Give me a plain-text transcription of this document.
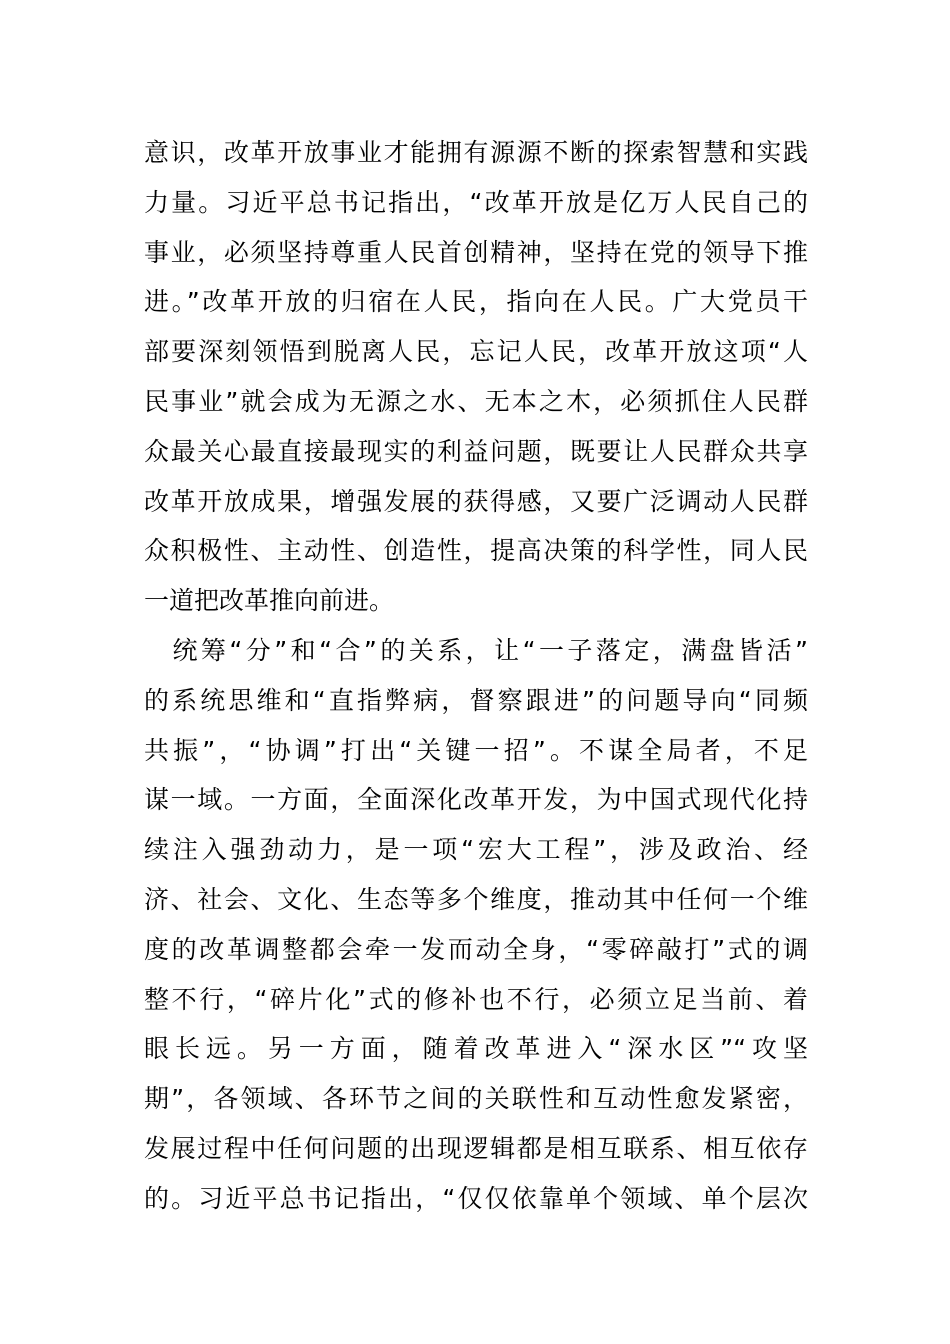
意识，改革开放事业才能拥有源源不断的探索智慧和实践
力量。习近平总书记指出，“改革开放是亿万人民自己的
事业，必须坚持尊重人民首创精神，坚持在党的领导下推
进。”改革开放的归宿在人民，指向在人民。广大党员干
部要深刻领悟到脱离人民，忘记人民，改革开放这项“人
民事业”就会成为无源之水、无本之木，必须抓住人民群
众最关心最直接最现实的利益问题，既要让人民群众共享
改革开放成果，增强发展的获得感，又要广泛调动人民群
众积极性、主动性、创造性，提高决策的科学性，同人民
一道把改革推向前进。
　统筹“分”和“合”的关系，让“一子落定，满盘皆活”
的系统思维和“直指弊病，督察跟进”的问题导向“同频
共振”，“协调”打出“关键一招”。不谋全局者，不足
谋一域。一方面，全面深化改革开发，为中国式现代化持
续注入强劲动力，是一项“宏大工程”，涉及政治、经
济、社会、文化、生态等多个维度，推动其中任何一个维
度的改革调整都会牵一发而动全身，“零碎敲打”式的调
整不行，“碎片化”式的修补也不行，必须立足当前、着
眼长远。另一方面，随着改革进入“深水区”“攻坚
期”，各领域、各环节之间的关联性和互动性愈发紧密，
发展过程中任何问题的出现逻辑都是相互联系、相互依存
的。习近平总书记指出，“仅仅依靠单个领域、单个层次
